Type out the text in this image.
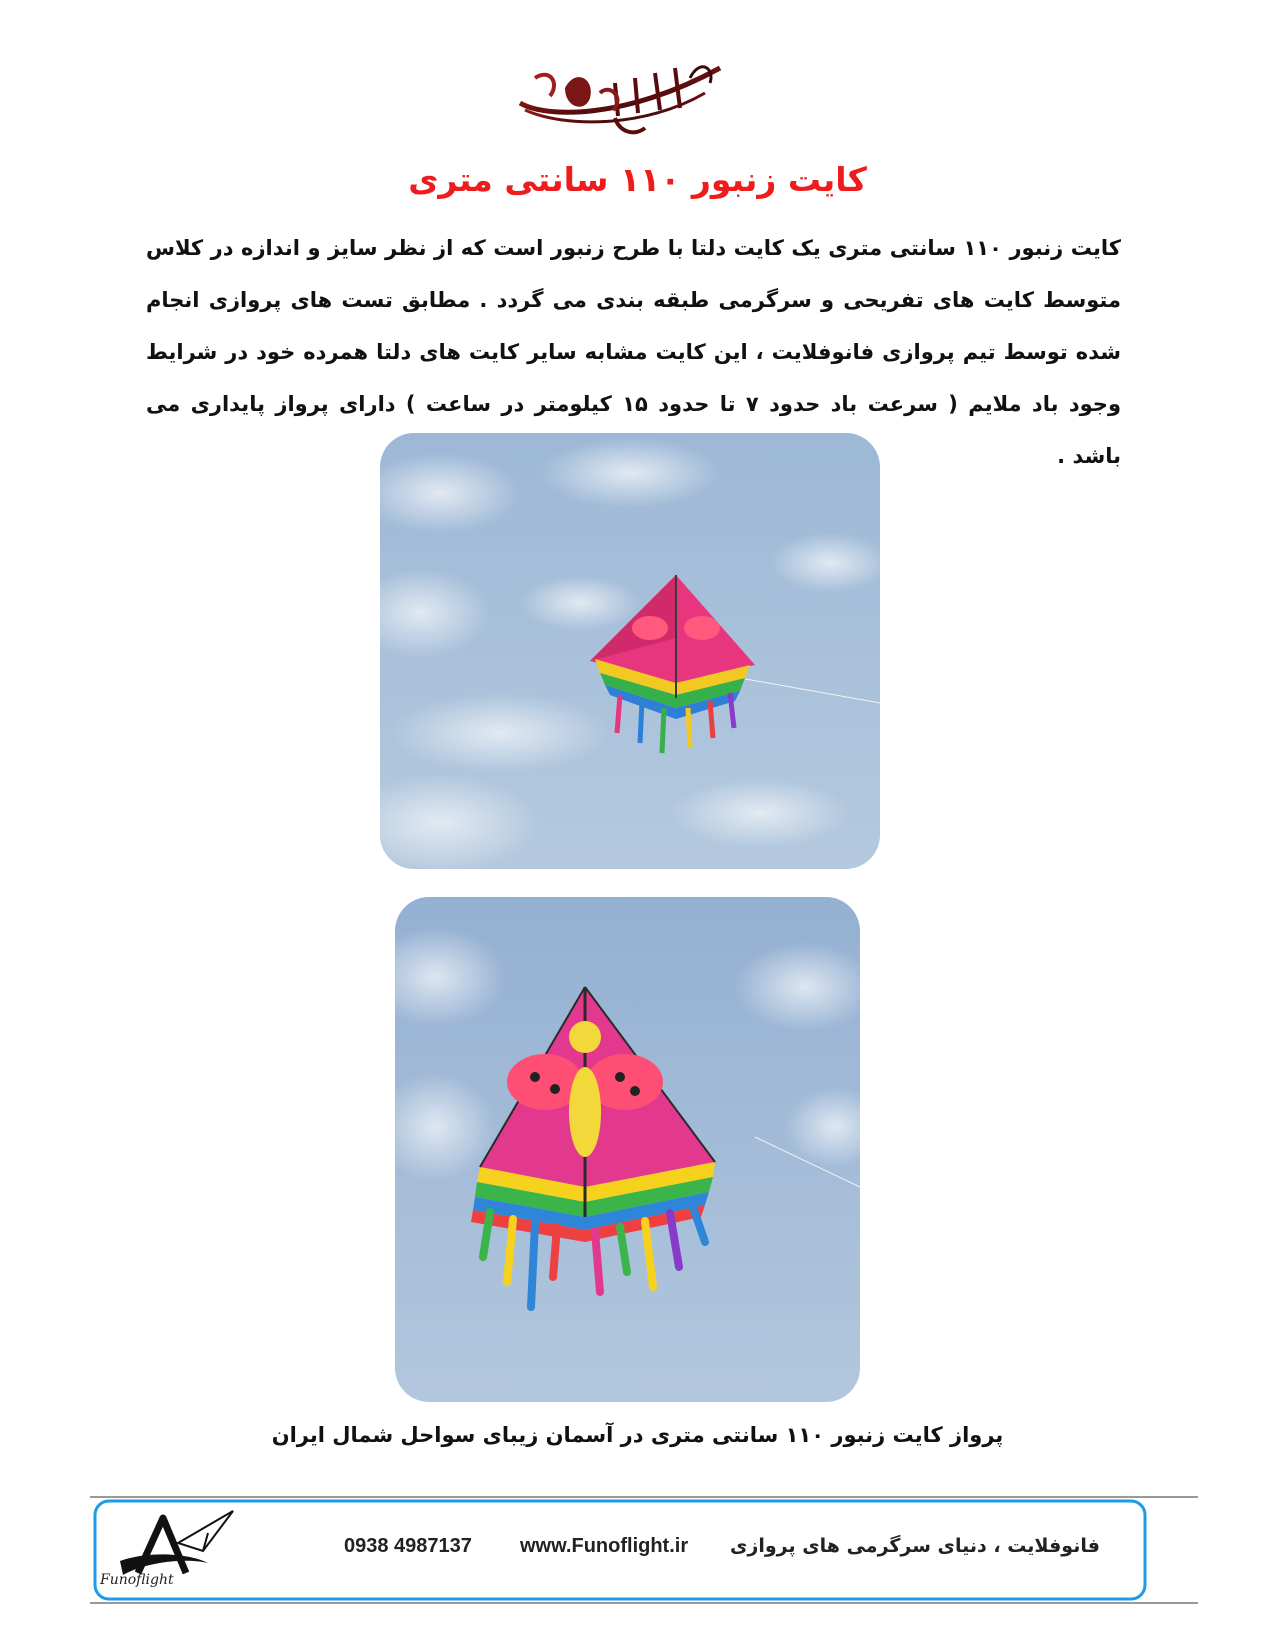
کایت زنبور ۱۱۰ سانتی متری
کایت زنبور ۱۱۰ سانتی متری یک کایت دلتا با طرح زنبور است که از نظر سایز و اندازه در کلاس متوسط کایت های تفریحی و سرگرمی طبقه بندی می گردد . مطابق تست های پروازی انجام شده توسط تیم پروازی فانوفلایت ، این کایت مشابه سایر کایت های دلتا همرده خود در شرایط وجود باد ملایم ( سرعت باد حدود ۷ تا حدود ۱۵ کیلومتر در ساعت ) دارای پرواز پایداری می باشد .
پرواز کایت زنبور ۱۱۰ سانتی متری در آسمان زیبای سواحل شمال ایران
Funoflight
0938 4987137 www.Funoflight.ir فانوفلایت ، دنیای سرگرمی های پروازی
